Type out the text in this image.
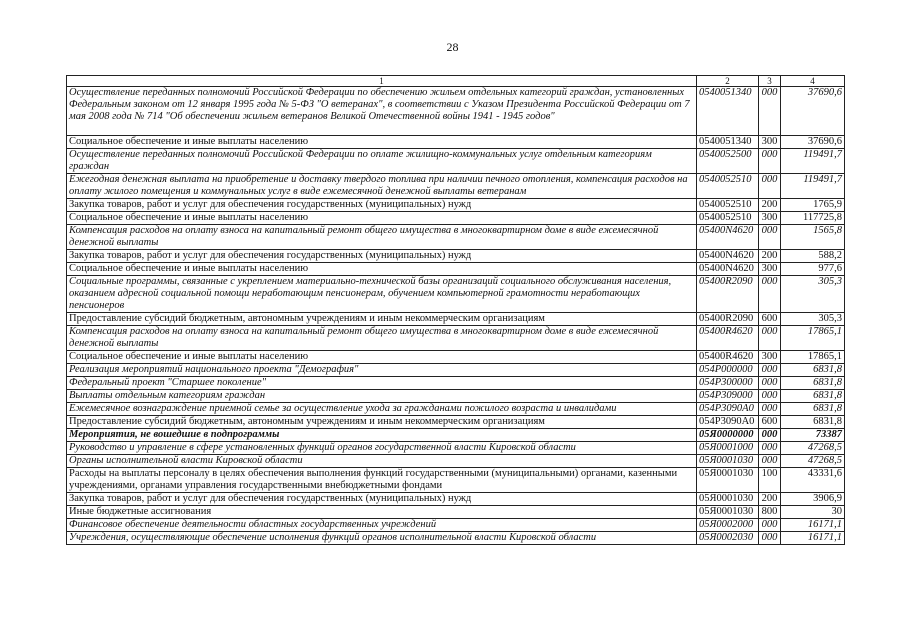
28
1	2	3	4
Осуществление переданных полномочий Российской Федерации по обеспечению жильем отдельных категорий граждан, установленных Федеральным законом от 12 января 1995 года № 5-ФЗ "О ветеранах", в соответствии с Указом Президента Российской Федерации от 7 мая 2008 года № 714 "Об обеспечении жильем ветеранов Великой Отечественной войны 1941 - 1945 годов"	0540051340	000	37690,6
Социальное обеспечение и иные выплаты населению	0540051340	300	37690,6
Осуществление переданных полномочий Российской Федерации по оплате жилищно-коммунальных услуг отдельным категориям граждан	0540052500	000	119491,7
Ежегодная денежная выплата на приобретение и доставку твердого топлива при наличии печного отопления, компенсация расходов на оплату жилого помещения и коммунальных услуг в виде ежемесячной денежной выплаты ветеранам	0540052510	000	119491,7
Закупка товаров, работ и услуг для обеспечения государственных (муниципальных) нужд	0540052510	200	1765,9
Социальное обеспечение и иные выплаты населению	0540052510	300	117725,8
Компенсация расходов на оплату взноса на капитальный ремонт общего имущества в многоквартирном доме в виде ежемесячной денежной выплаты	05400N4620	000	1565,8
Закупка товаров, работ и услуг для обеспечения государственных (муниципальных) нужд	05400N4620	200	588,2
Социальное обеспечение и иные выплаты населению	05400N4620	300	977,6
Социальные программы, связанные с укреплением материально-технической базы организаций социального обслуживания населения, оказанием адресной социальной помощи неработающим пенсионерам, обучением компьютерной грамотности неработающих пенсионеров	05400R2090	000	305,3
Предоставление субсидий бюджетным, автономным учреждениям и иным некоммерческим организациям	05400R2090	600	305,3
Компенсация расходов на оплату взноса на капитальный ремонт общего имущества в многоквартирном доме в виде ежемесячной денежной выплаты	05400R4620	000	17865,1
Социальное обеспечение и иные выплаты населению	05400R4620	300	17865,1
Реализация мероприятий национального проекта "Демография"	054P000000	000	6831,8
Федеральный проект "Старшее поколение"	054P300000	000	6831,8
Выплаты отдельным категориям граждан	054P309000	000	6831,8
Ежемесячное вознаграждение приемной семье за осуществление ухода за гражданами пожилого возраста и инвалидами	054P3090A0	000	6831,8
Предоставление субсидий бюджетным, автономным учреждениям и иным некоммерческим организациям	054P3090A0	600	6831,8
Мероприятия, не вошедшие в подпрограммы	05Я0000000	000	73387
Руководство и управление в сфере установленных функций органов государственной власти Кировской области	05Я0001000	000	47268,5
Органы исполнительной власти Кировской области	05Я0001030	000	47268,5
Расходы на выплаты персоналу в целях обеспечения выполнения функций государственными (муниципальными) органами, казенными учреждениями, органами управления государственными внебюджетными фондами	05Я0001030	100	43331,6
Закупка товаров, работ и услуг для обеспечения государственных (муниципальных) нужд	05Я0001030	200	3906,9
Иные бюджетные ассигнования	05Я0001030	800	30
Финансовое обеспечение деятельности областных государственных учреждений	05Я0002000	000	16171,1
Учреждения, осуществляющие обеспечение исполнения функций органов исполнительной власти Кировской области	05Я0002030	000	16171,1
